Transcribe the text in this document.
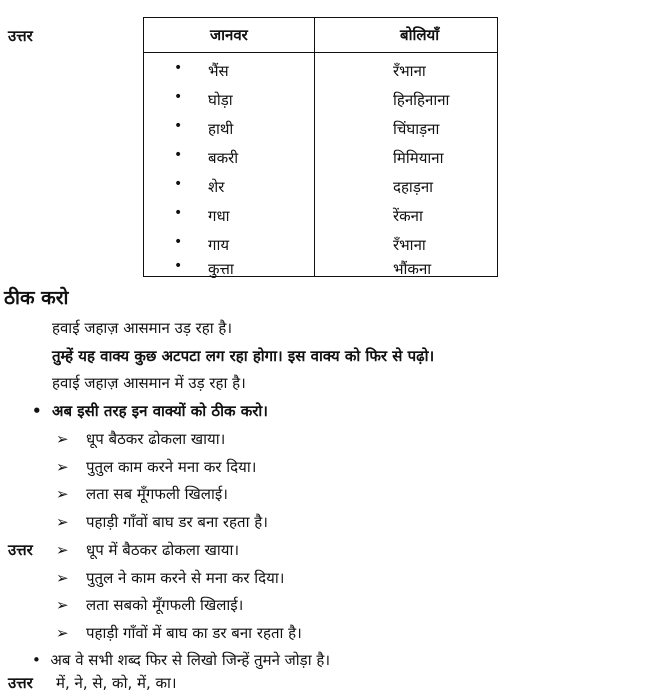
उत्तर	जानवर	बोलियाँ
• भैंस	रँभाना
• घोड़ा	हिनहिनाना
• हाथी	चिंघाड़ना
• बकरी	मिमियाना
• शेर	दहाड़ना
• गधा	रेंकना
• गाय	रँभाना
• कुत्ता	भौंकना
ठीक करो
हवाई जहाज़ आसमान उड़ रहा है।
तुम्हें यह वाक्य कुछ अटपटा लग रहा होगा। इस वाक्य को फिर से पढ़ो।
हवाई जहाज़ आसमान में उड़ रहा है।
• अब इसी तरह इन वाक्यों को ठीक करो।
➢ धूप बैठकर ढोकला खाया।
➢ पुतुल काम करने मना कर दिया।
➢ लता सब मूँगफली खिलाई।
➢ पहाड़ी गाँवों बाघ डर बना रहता है।
उत्तर ➢ धूप में बैठकर ढोकला खाया।
➢ पुतुल ने काम करने से मना कर दिया।
➢ लता सबको मूँगफली खिलाई।
➢ पहाड़ी गाँवों में बाघ का डर बना रहता है।
• अब वे सभी शब्द फिर से लिखो जिन्हें तुमने जोड़ा है।
उत्तर में, ने, से, को, में, का।
